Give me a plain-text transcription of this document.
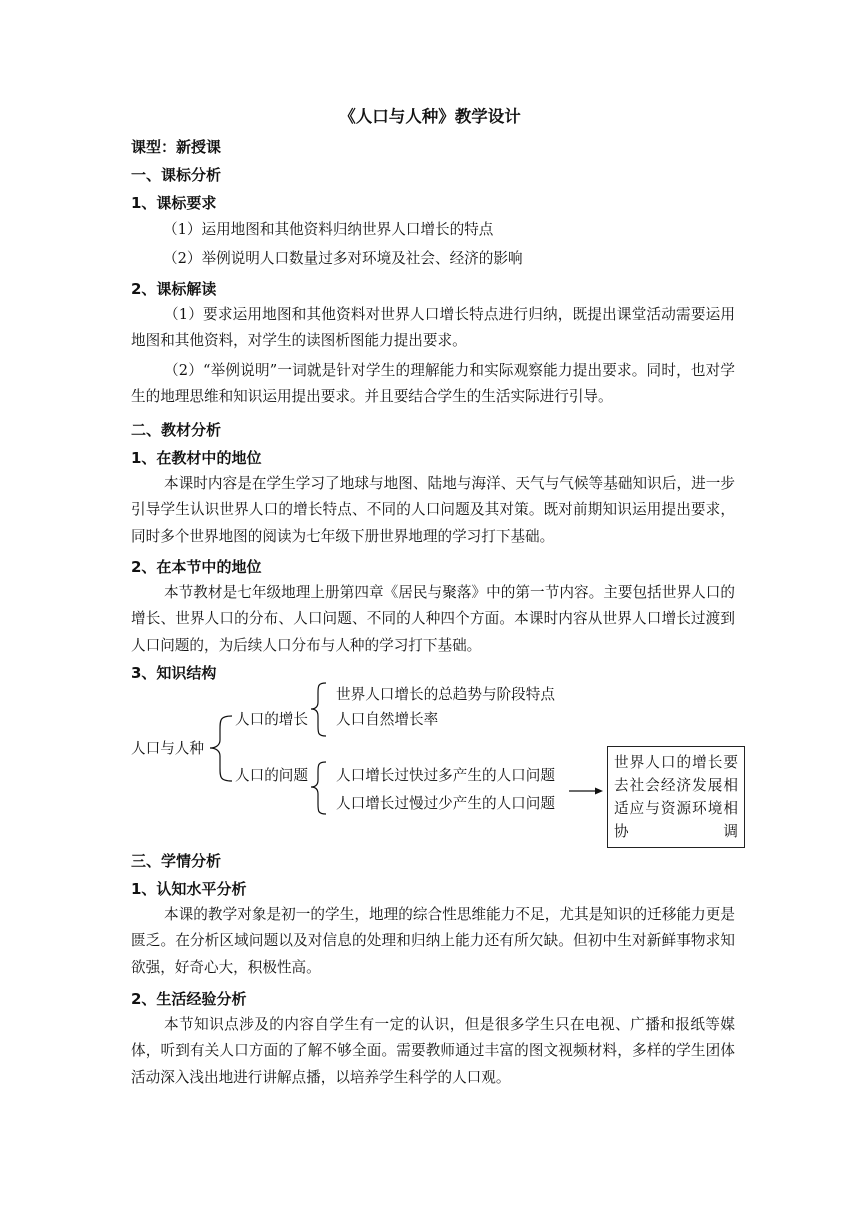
《人口与人种》教学设计
课型：新授课
一、课标分析
1、课标要求
（1）运用地图和其他资料归纳世界人口增长的特点
（2）举例说明人口数量过多对环境及社会、经济的影响
2、课标解读

（1）要求运用地图和其他资料对世界人口增长特点进行归纳，既提出课堂活动需要运用地图和其他资料，对学生的读图析图能力提出要求。

（2）“举例说明”一词就是针对学生的理解能力和实际观察能力提出要求。同时，也对学生的地理思维和知识运用提出要求。并且要结合学生的生活实际进行引导。

二、教材分析
1、在教材中的地位

本课时内容是在学生学习了地球与地图、陆地与海洋、天气与气候等基础知识后，进一步引导学生认识世界人口的增长特点、不同的人口问题及其对策。既对前期知识运用提出要求，同时多个世界地图的阅读为七年级下册世界地理的学习打下基础。

2、在本节中的地位

本节教材是七年级地理上册第四章《居民与聚落》中的第一节内容。主要包括世界人口的增长、世界人口的分布、人口问题、不同的人种四个方面。本课时内容从世界人口增长过渡到人口问题的，为后续人口分布与人种的学习打下基础。

3、知识结构
人口与人种
人口的增长
世界人口增长的总趋势与阶段特点
人口自然增长率
人口的问题 人口增长过快过多产生的人口问题
人口增长过慢过少产生的人口问题
世界人口的增长要去社会经济发展相适应与资源环境相协调
三、学情分析
1、认知水平分析

本课的教学对象是初一的学生，地理的综合性思维能力不足，尤其是知识的迁移能力更是匮乏。在分析区域问题以及对信息的处理和归纳上能力还有所欠缺。但初中生对新鲜事物求知欲强，好奇心大，积极性高。

2、生活经验分析

本节知识点涉及的内容自学生有一定的认识，但是很多学生只在电视、广播和报纸等媒体，听到有关人口方面的了解不够全面。需要教师通过丰富的图文视频材料，多样的学生团体活动深入浅出地进行讲解点播，以培养学生科学的人口观。
